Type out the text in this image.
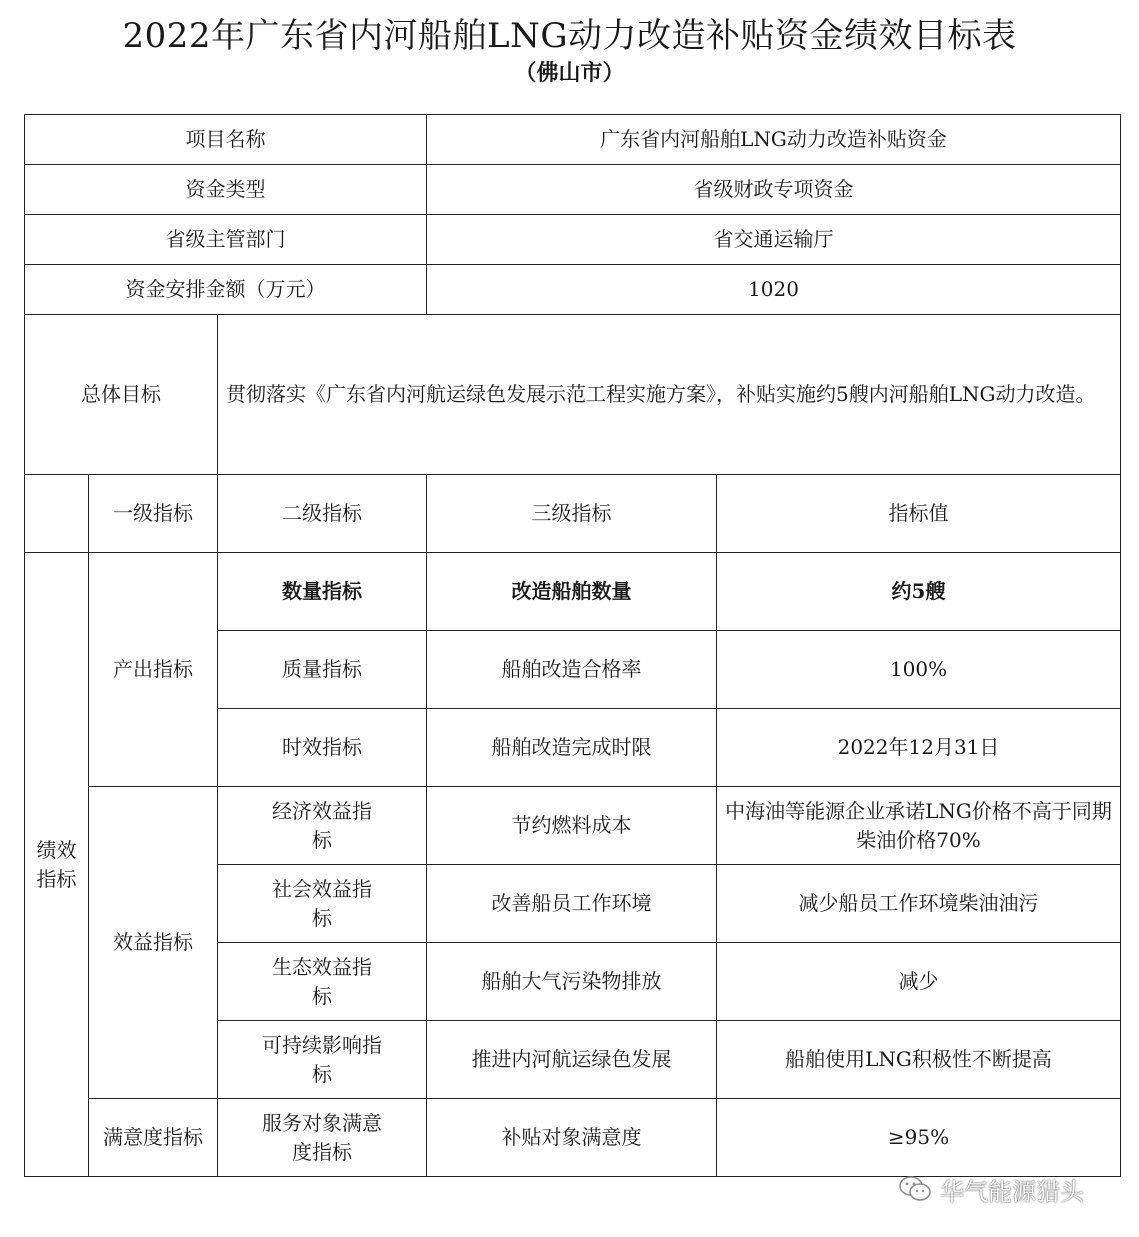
2022年广东省内河船舶LNG动力改造补贴资金绩效目标表
（佛山市）
项目名称			广东省内河船舶LNG动力改造补贴资金	
资金类型			省级财政专项资金	
省级主管部门			省交通运输厅	
资金安排金额（万元）			1020	
总体目标		贯彻落实《广东省内河航运绿色发展示范工程实施方案》，补贴实施约5艘内河船舶LNG动力改造。		
	一级指标	二级指标	三级指标	指标值
绩效指标	产出指标	数量指标	改造船舶数量	约5艘
		质量指标	船舶改造合格率	100%
		时效指标	船舶改造完成时限	2022年12月31日
	效益指标	经济效益指标	节约燃料成本	中海油等能源企业承诺LNG价格不高于同期柴油价格70%
		社会效益指标	改善船员工作环境	减少船员工作环境柴油油污
		生态效益指标	船舶大气污染物排放	减少
		可持续影响指标	推进内河航运绿色发展	船舶使用LNG积极性不断提高
	满意度指标	服务对象满意度指标	补贴对象满意度	≥95%
华气能源猎头
